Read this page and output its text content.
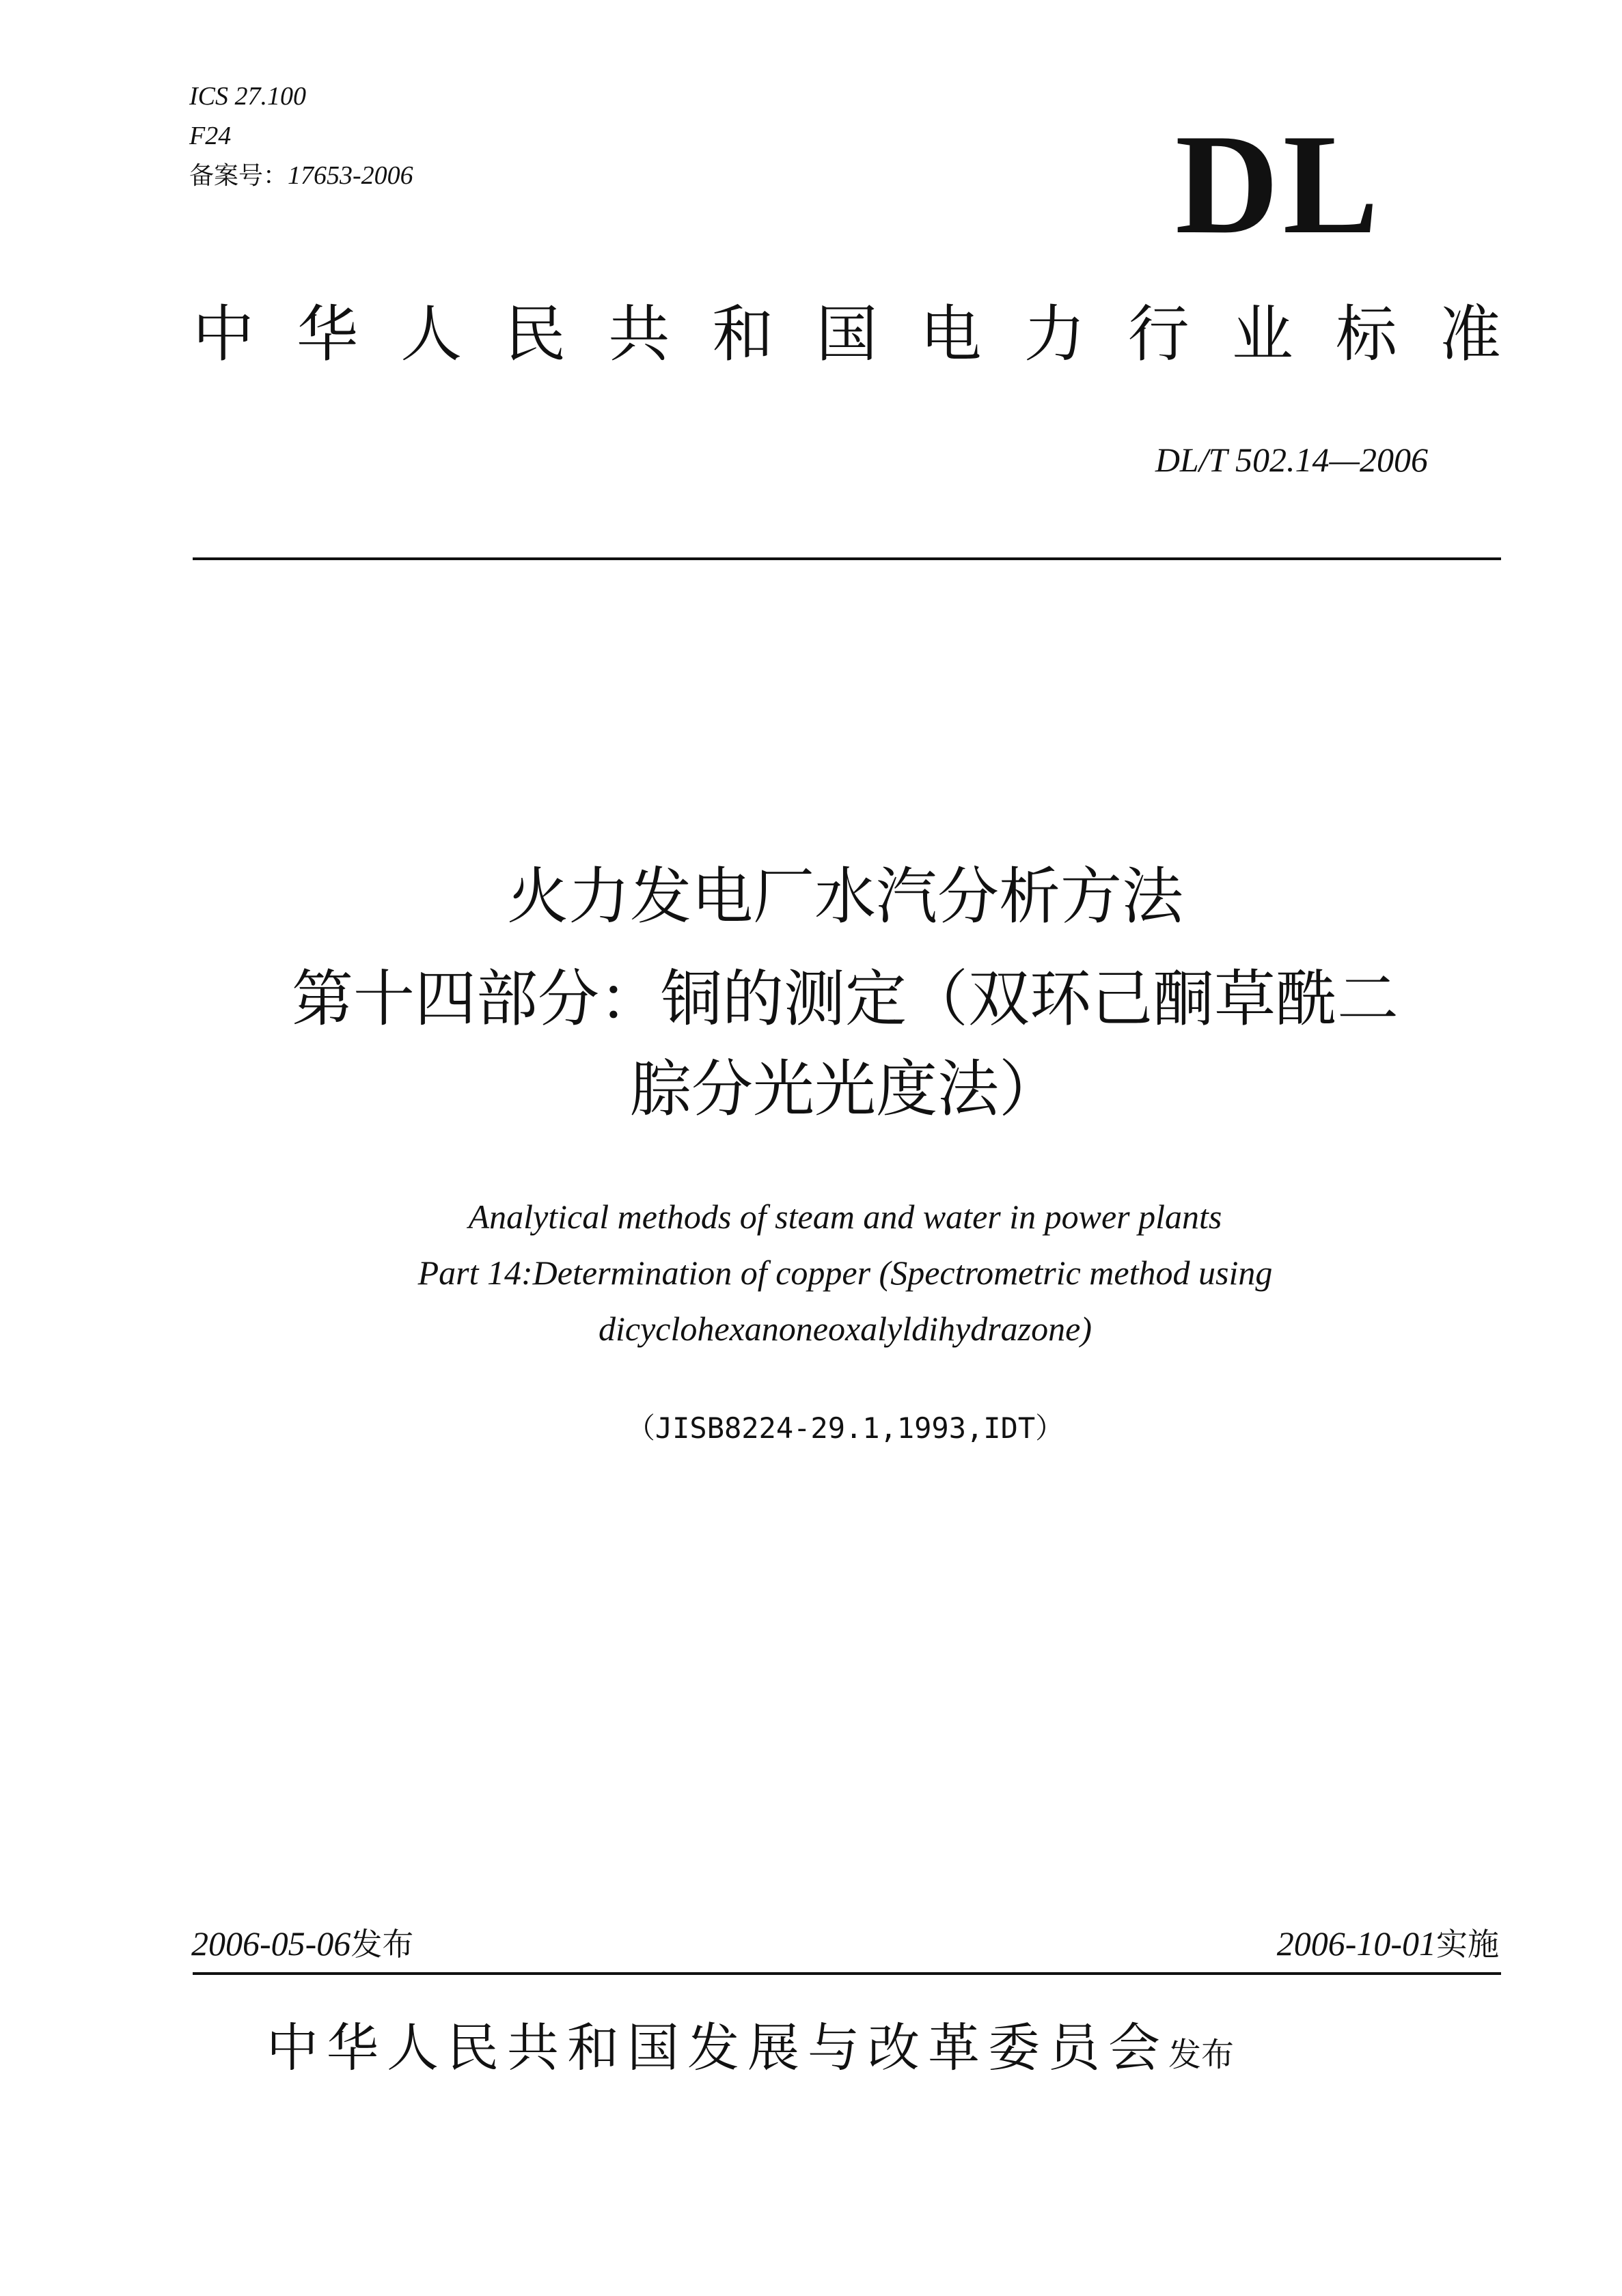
ICS 27.100
F24
备案号：17653-2006	DL
中 华 人 民 共 和 国 电 力 行 业 标 准
DL/T 502.14—2006
火力发电厂水汽分析方法
第十四部分：铜的测定（双环己酮草酰二
腙分光光度法）
Analytical methods of steam and water in power plants
Part 14:Determination of copper (Spectrometric method using
dicyclohexanoneoxalyldihydrazone)
（JISB8224-29.1,1993,IDT）
2006-05-06发布	2006-10-01实施
中华人民共和国发展与改革委员会发布
